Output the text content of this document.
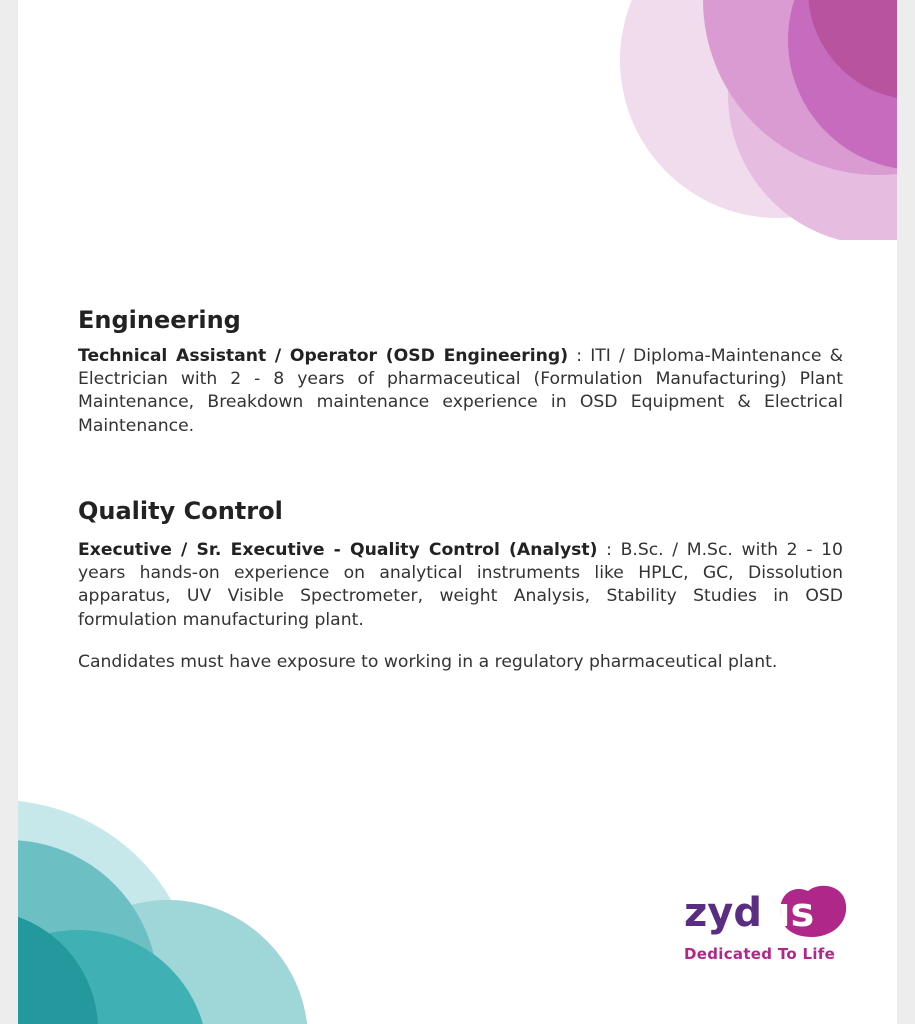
Engineering

Technical Assistant / Operator (OSD Engineering) : ITI / Diploma-Maintenance & Electrician with 2 - 8 years of pharmaceutical (Formulation Manufacturing) Plant Maintenance, Breakdown maintenance experience in OSD Equipment & Electrical Maintenance.

Quality Control

Executive / Sr. Executive - Quality Control (Analyst) : B.Sc. / M.Sc. with 2 - 10 years hands-on experience on analytical instruments like HPLC, GC, Dissolution apparatus, UV Visible Spectrometer, weight Analysis, Stability Studies in OSD formulation manufacturing plant.

Candidates must have exposure to working in a regulatory pharmaceutical plant.

zydus
Dedicated To Life
